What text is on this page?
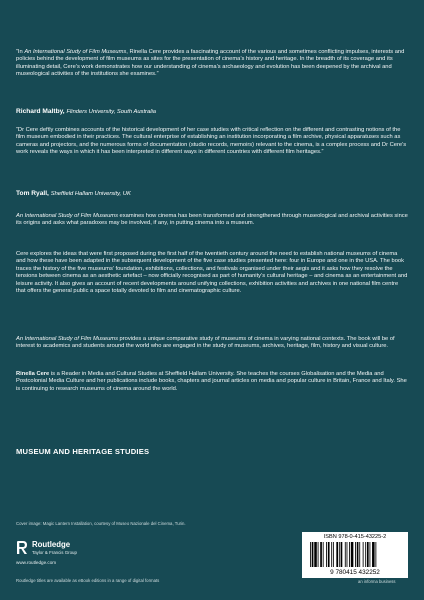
“In An International Study of Film Museums, Rinella Cere provides a fascinating account of the various and sometimes conflicting impulses, interests and policies behind the development of film museums as sites for the presentation of cinema’s history and heritage. In the breadth of its coverage and its illuminating detail, Cere’s work demonstrates how our understanding of cinema’s archaeology and evolution has been deepened by the archival and museological activities of the institutions she examines.”

Richard Maltby, Flinders University, South Australia

“Dr Cere deftly combines accounts of the historical development of her case studies with critical reflection on the different and contrasting notions of the film museum embodied in their practices. The cultural enterprise of establishing an institution incorporating a film archive, physical apparatuses such as cameras and projectors, and the numerous forms of documentation (studio records, memoirs) relevant to the cinema, is a complex process and Dr Cere’s work reveals the ways in which it has been interpreted in different ways in different countries with different film heritages.”

Tom Ryall, Sheffield Hallam University, UK

An International Study of Film Museums examines how cinema has been transformed and strengthened through museological and archival activities since its origins and asks what paradoxes may be involved, if any, in putting cinema into a museum.

Cere explores the ideas that were first proposed during the first half of the twentieth century around the need to establish national museums of cinema and how these have been adapted in the subsequent development of the five case studies presented here: four in Europe and one in the USA. The book traces the history of the five museums’ foundation, exhibitions, collections, and festivals organised under their aegis and it asks how they resolve the tensions between cinema as an aesthetic artefact – now officially recognised as part of humanity’s cultural heritage – and cinema as an entertainment and leisure activity. It also gives an account of recent developments around unifying collections, exhibition activities and archives in one national film centre that offers the general public a space totally devoted to film and cinematographic culture.

An International Study of Film Museums provides a unique comparative study of museums of cinema in varying national contexts. The book will be of interest to academics and students around the world who are engaged in the study of museums, archives, heritage, film, history and visual culture.

Rinella Cere is a Reader in Media and Cultural Studies at Sheffield Hallam University. She teaches the courses Globalisation and the Media and Postcolonial Media Culture and her publications include books, chapters and journal articles on media and popular culture in Britain, France and Italy. She is continuing to research museums of cinema around the world.

MUSEUM AND HERITAGE STUDIES
Cover image: Magic Lantern Installation, courtesy of Museo Nazionale del Cinema, Turin.
Routledge
Taylor & Francis Group
www.routledge.com
Routledge titles are available as eBook editions in a range of digital formats
ISBN 978-0-415-43225-2
9 780415 432252
an informa business
